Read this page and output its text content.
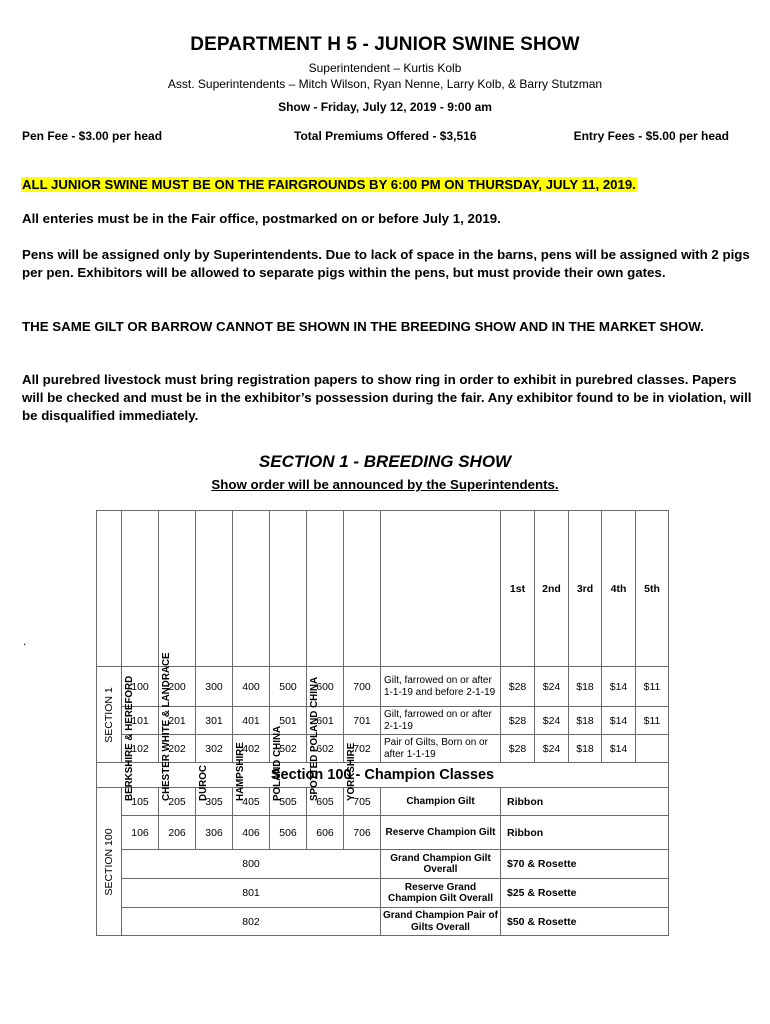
DEPARTMENT H 5 - JUNIOR SWINE SHOW
Superintendent – Kurtis Kolb
Asst. Superintendents – Mitch Wilson, Ryan Nenne, Larry Kolb, & Barry Stutzman
Show - Friday, July 12, 2019 - 9:00 am
Pen Fee - $3.00 per head	Total Premiums Offered - $3,516	Entry Fees - $5.00 per head
ALL JUNIOR SWINE MUST BE ON THE FAIRGROUNDS BY 6:00 PM ON THURSDAY, JULY 11, 2019.
All enteries must be in the Fair office, postmarked on or before July 1, 2019.
Pens will be assigned only by Superintendents. Due to lack of space in the barns, pens will be assigned with 2 pigs per pen. Exhibitors will be allowed to separate pigs within the pens, but must provide their own gates.
THE SAME GILT OR BARROW CANNOT BE SHOWN IN THE BREEDING SHOW AND IN THE MARKET SHOW.
All purebred livestock must bring registration papers to show ring in order to exhibit in purebred classes. Papers will be checked and must be in the exhibitor’s possession during the fair. Any exhibitor found to be in violation, will be disqualified immediately.
SECTION 1 - BREEDING SHOW
Show order will be announced by the Superintendents.
.

	BERKSHIRE & HEREFORD	CHESTER WHITE & LANDRACE	DUROC	HAMPSHIRE	POLAND CHINA	SPOTTED POLAND CHINA	YORKSHIRE		1st	2nd	3rd	4th	5th

SECTION 1	100	200	300	400	500	600	700	Gilt, farrowed on or after 1-1-19 and before 2-1-19	$28	$24	$18	$14	$11
	101	201	301	401	501	601	701	Gilt, farrowed on or after 2-1-19	$28	$24	$18	$14	$11
	102	202	302	402	502	602	702	Pair of Gilts, Born on or after 1-1-19	$28	$24	$18	$14	
Section 100 - Champion Classes													

SECTION 100	105	205	305	405	505	605	705	Champion Gilt	Ribbon				
	106	206	306	406	506	606	706	Reserve Champion Gilt	Ribbon				
	800							Grand Champion Gilt Overall	$70 & Rosette				
	801							Reserve Grand Champion Gilt Overall	$25 & Rosette				
	802							Grand Champion Pair of Gilts Overall	$50 & Rosette				
